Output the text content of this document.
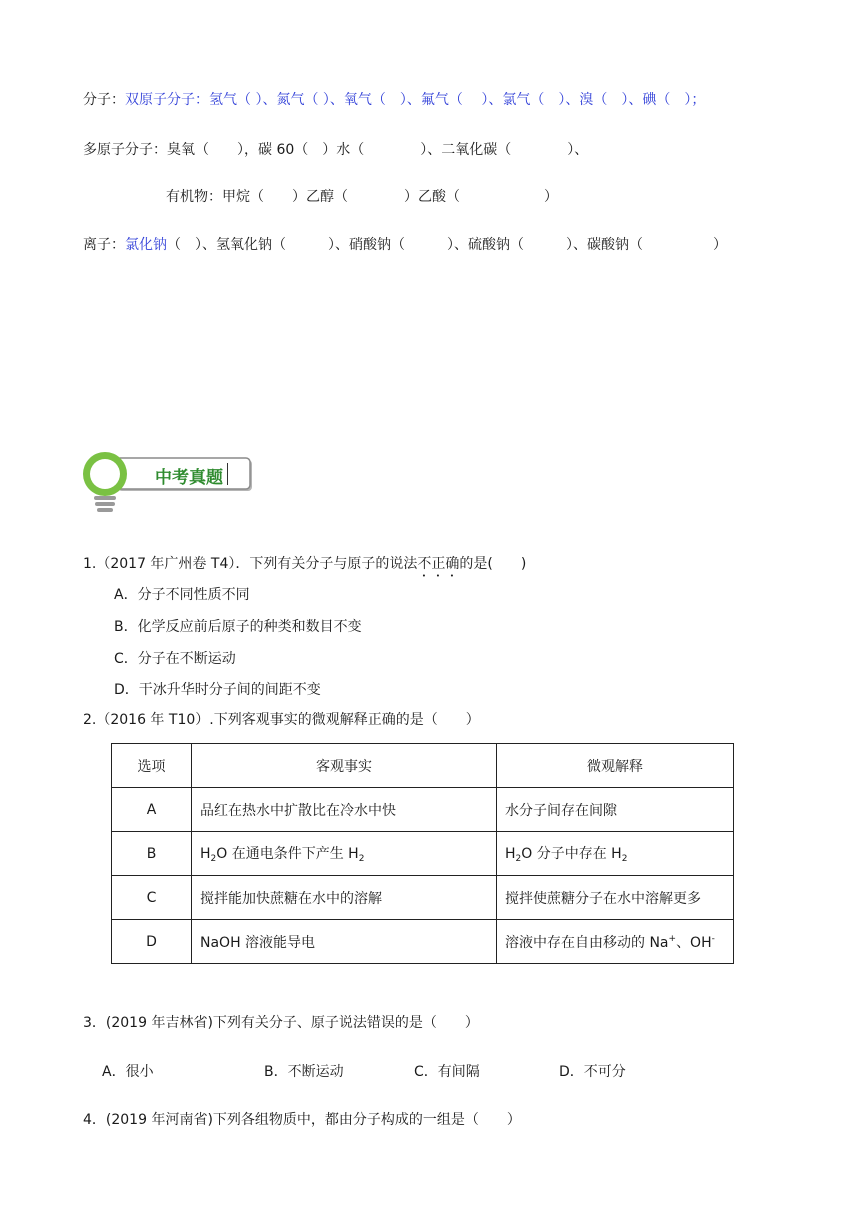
分子：双原子分子：氢气（ ）、氮气（ ）、氧气（　）、氟气（　 ）、氯气（　）、溴（　）、碘（　）；
多原子分子：臭氧（　　），碳 60（　）水（　　　　）、二氧化碳（　　　　）、
有机物：甲烷（　　）乙醇（　　　　）乙酸（　　　　　　）
离子：氯化钠（　）、氢氧化钠（　　　）、硝酸钠（　　　）、硫酸钠（　　　）、碳酸钠（　　　　　）
中考真题
1.（2017 年广州卷 T4）．下列有关分子与原子的说法不正确的是(　　)
A．分子不同性质不同
B．化学反应前后原子的种类和数目不变
C．分子在不断运动
D．干冰升华时分子间的间距不变
2.（2016 年 T10）.下列客观事实的微观解释正确的是（　　）
选项	客观事实	微观解释
A	品红在热水中扩散比在冷水中快	水分子间存在间隙
B	$H_2O$ 在通电条件下产生 $H_2$	$H_2O$ 分子中存在 $H_2$
C	搅拌能加快蔗糖在水中的溶解	搅拌使蔗糖分子在水中溶解更多
D	NaOH 溶液能导电	溶液中存在自由移动的 Na+、OH-
3．(2019 年吉林省)下列有关分子、原子说法错误的是（　　）
A．很小	B．不断运动	C．有间隔	D．不可分
4．(2019 年河南省)下列各组物质中，都由分子构成的一组是（　　）
